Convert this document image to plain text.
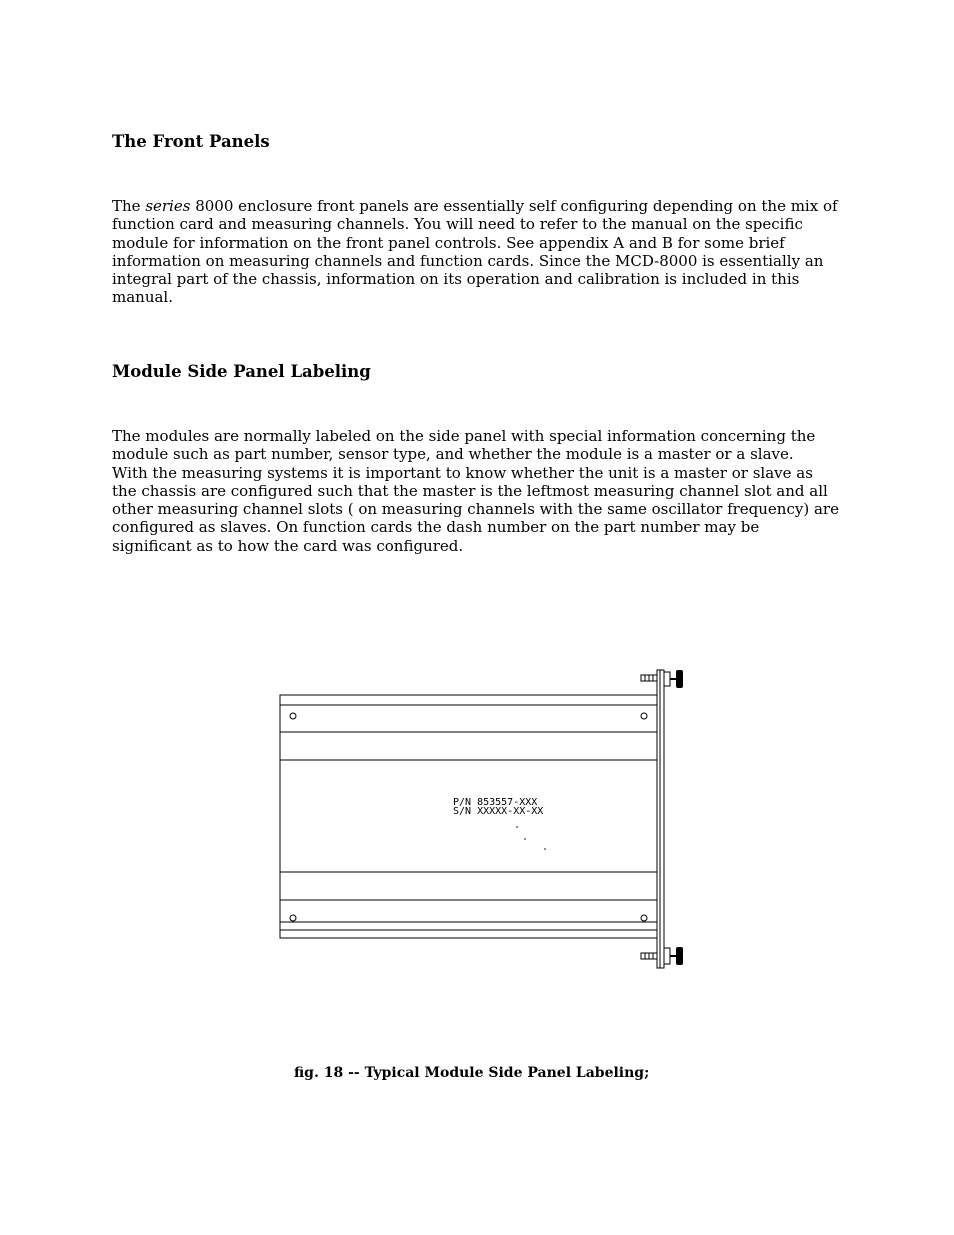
The Front Panels
The series 8000 enclosure front panels are essentially self configuring depending on the mix of
function card and measuring channels. You will need to refer to the manual on the specific
module for information on the front panel controls. See appendix A and B for some brief
information on measuring channels and function cards. Since the MCD-8000 is essentially an
integral part of the chassis, information on its operation and calibration is included in this
manual.
Module Side Panel Labeling
The modules are normally labeled on the side panel with special information concerning the
module such as part number, sensor type, and whether the module is a master or a slave.
With the measuring systems it is important to know whether the unit is a master or slave as
the chassis are configured such that the master is the leftmost measuring channel slot and all
other measuring channel slots ( on measuring channels with the same oscillator frequency) are
configured as slaves. On function cards the dash number on the part number may be
significant as to how the card was configured.
P/N 853557-XXX
S/N XXXXX-XX-XX
fig. 18 -- Typical Module Side Panel Labeling;
